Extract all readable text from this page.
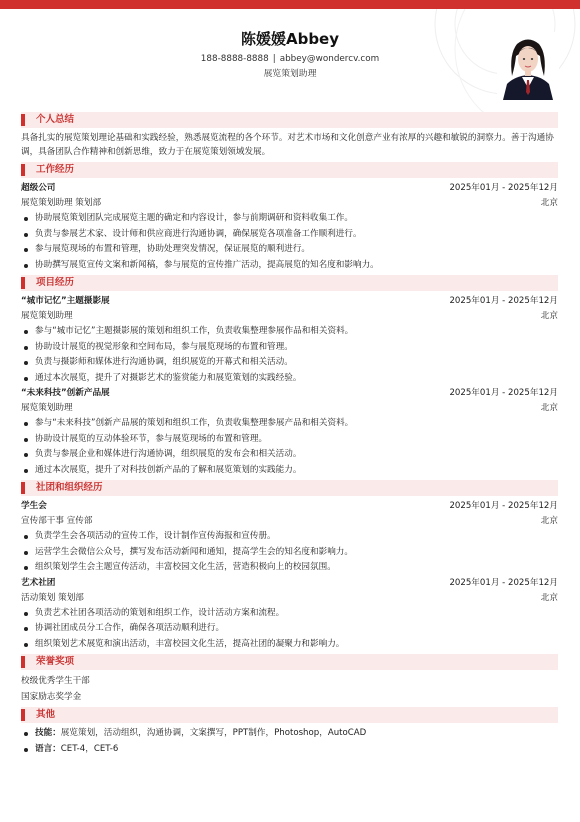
陈媛媛Abbey
188-8888-8888 | abbey@wondercv.com
展览策划助理
个人总结
具备扎实的展览策划理论基础和实践经验，熟悉展览流程的各个环节。对艺术市场和文化创意产业有浓厚的兴趣和敏锐的洞察力。善于沟通协调，具备团队合作精神和创新思维，致力于在展览策划领域发展。
工作经历
超级公司	2025年01月 - 2025年12月
展览策划助理 策划部	北京
协助展览策划团队完成展览主题的确定和内容设计，参与前期调研和资料收集工作。
负责与参展艺术家、设计师和供应商进行沟通协调，确保展览各项准备工作顺利进行。
参与展览现场的布置和管理，协助处理突发情况，保证展览的顺利进行。
协助撰写展览宣传文案和新闻稿，参与展览的宣传推广活动，提高展览的知名度和影响力。
项目经历
“城市记忆”主题摄影展	2025年01月 - 2025年12月
展览策划助理	北京
参与“城市记忆”主题摄影展的策划和组织工作，负责收集整理参展作品和相关资料。
协助设计展览的视觉形象和空间布局，参与展览现场的布置和管理。
负责与摄影师和媒体进行沟通协调，组织展览的开幕式和相关活动。
通过本次展览，提升了对摄影艺术的鉴赏能力和展览策划的实践经验。
“未来科技”创新产品展	2025年01月 - 2025年12月
展览策划助理	北京
参与“未来科技”创新产品展的策划和组织工作，负责收集整理参展产品和相关资料。
协助设计展览的互动体验环节，参与展览现场的布置和管理。
负责与参展企业和媒体进行沟通协调，组织展览的发布会和相关活动。
通过本次展览，提升了对科技创新产品的了解和展览策划的实践能力。
社团和组织经历
学生会	2025年01月 - 2025年12月
宣传部干事 宣传部	北京
负责学生会各项活动的宣传工作，设计制作宣传海报和宣传册。
运营学生会微信公众号，撰写发布活动新闻和通知，提高学生会的知名度和影响力。
组织策划学生会主题宣传活动，丰富校园文化生活，营造积极向上的校园氛围。
艺术社团	2025年01月 - 2025年12月
活动策划 策划部	北京
负责艺术社团各项活动的策划和组织工作，设计活动方案和流程。
协调社团成员分工合作，确保各项活动顺利进行。
组织策划艺术展览和演出活动，丰富校园文化生活，提高社团的凝聚力和影响力。
荣誉奖项
校级优秀学生干部
国家励志奖学金
其他
技能：展览策划，活动组织，沟通协调，文案撰写，PPT制作，Photoshop，AutoCAD
语言：CET-4，CET-6
